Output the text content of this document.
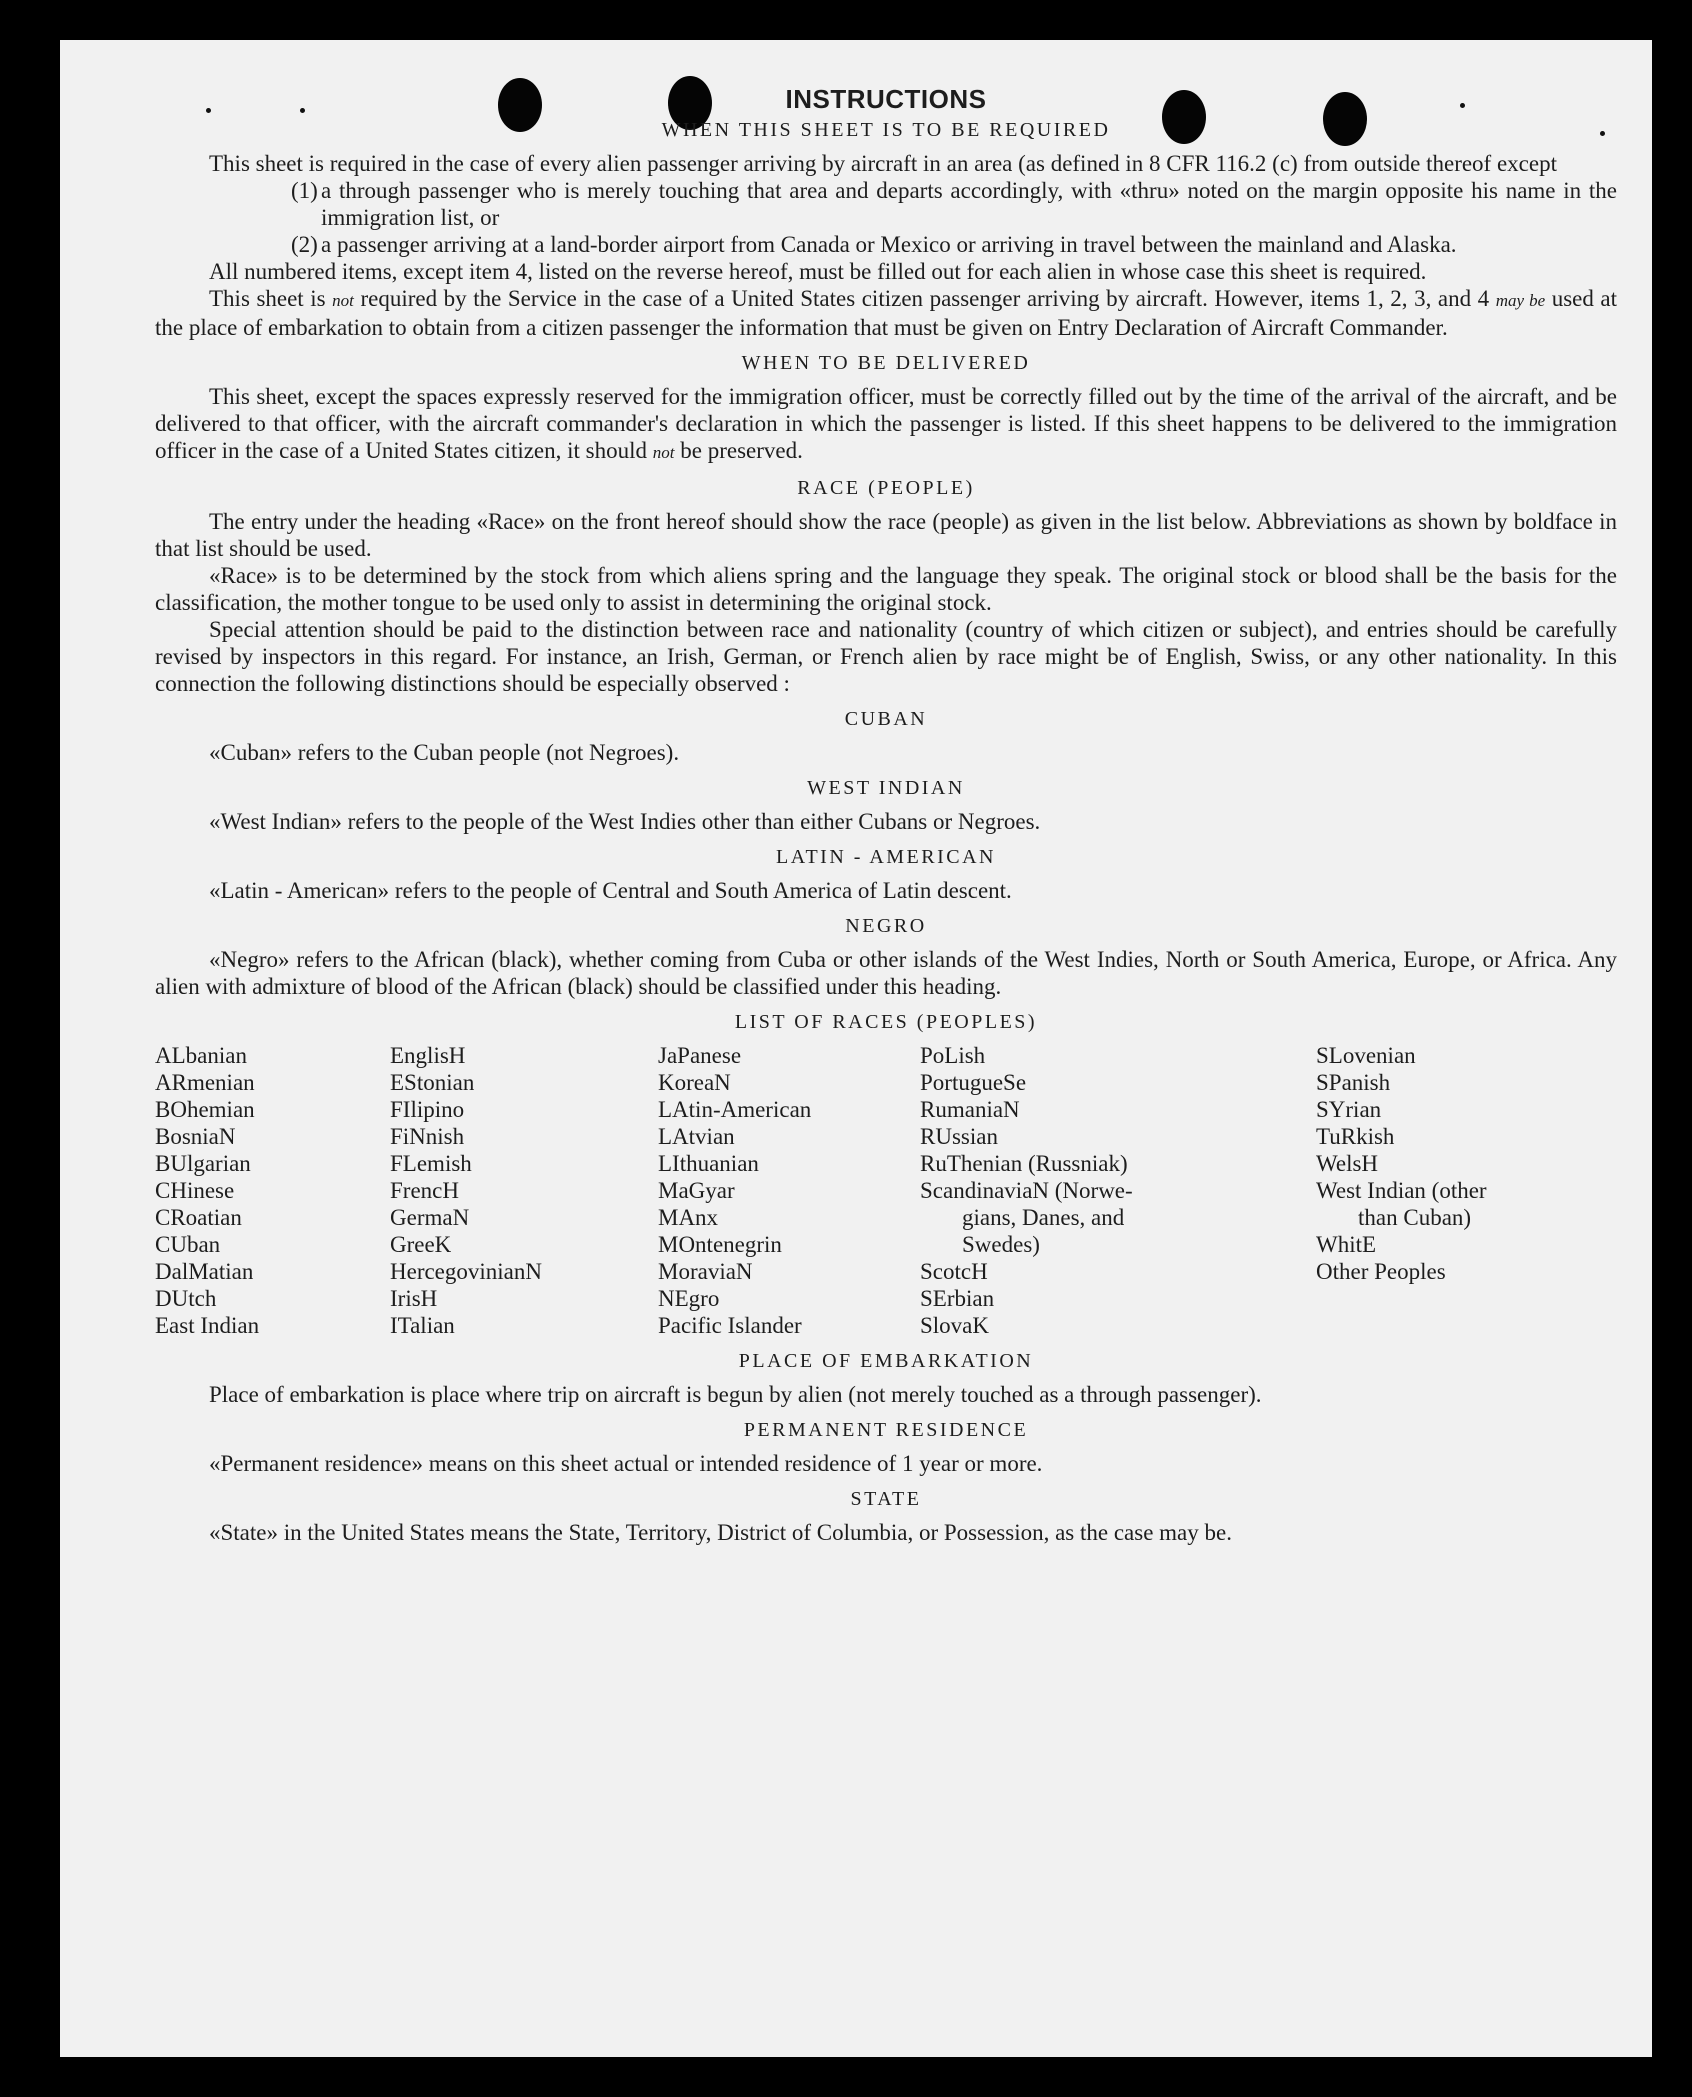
INSTRUCTIONS
WHEN THIS SHEET IS TO BE REQUIRED

This sheet is required in the case of every alien passenger arriving by aircraft in an area (as defined in 8 CFR 116.2 (c) from outside thereof except

(1) a through passenger who is merely touching that area and departs accordingly, with «thru» noted on the margin opposite his name in the immigration list, or

(2) a passenger arriving at a land-border airport from Canada or Mexico or arriving in travel between the mainland and Alaska.

All numbered items, except item 4, listed on the reverse hereof, must be filled out for each alien in whose case this sheet is required.

This sheet is not required by the Service in the case of a United States citizen passenger arriving by aircraft. However, items 1, 2, 3, and 4 may be used at the place of embarkation to obtain from a citizen passenger the information that must be given on Entry Declaration of Aircraft Commander.

WHEN TO BE DELIVERED

This sheet, except the spaces expressly reserved for the immigration officer, must be correctly filled out by the time of the arrival of the aircraft, and be delivered to that officer, with the aircraft commander's declaration in which the passenger is listed. If this sheet happens to be delivered to the immigration officer in the case of a United States citizen, it should not be preserved.

RACE (PEOPLE)

The entry under the heading «Race» on the front hereof should show the race (people) as given in the list below. Abbreviations as shown by boldface in that list should be used.

«Race» is to be determined by the stock from which aliens spring and the language they speak. The original stock or blood shall be the basis for the classification, the mother tongue to be used only to assist in determining the original stock.

Special attention should be paid to the distinction between race and nationality (country of which citizen or subject), and entries should be carefully revised by inspectors in this regard. For instance, an Irish, German, or French alien by race might be of English, Swiss, or any other nationality. In this connection the following distinctions should be especially observed :

CUBAN

«Cuban» refers to the Cuban people (not Negroes).

WEST INDIAN

«West Indian» refers to the people of the West Indies other than either Cubans or Negroes.

LATIN - AMERICAN

«Latin - American» refers to the people of Central and South America of Latin descent.

NEGRO

«Negro» refers to the African (black), whether coming from Cuba or other islands of the West Indies, North or South America, Europe, or Africa. Any alien with admixture of blood of the African (black) should be classified under this heading.

LIST OF RACES (PEOPLES)
ALbanian
ARmenian
BOhemian
BosniaN
BUlgarian
CHinese
CRoatian
CUban
DalMatian
DUtch
East Indian
EnglisH
EStonian
FIlipino
FiNnish
FLemish
FrencH
GermaN
GreeK
HercegovinianN
IrisH
ITalian
JaPanese
KoreaN
LAtin-American
LAtvian
LIthuanian
MaGyar
MAnx
MOntenegrin
MoraviaN
NEgro
Pacific Islander
PoLish
PortugueSe
RumaniaN
RUssian
RuThenian (Russniak)
ScandinaviaN (Norwe-
gians, Danes, and
Swedes)
ScotcH
SErbian
SlovaK
SLovenian
SPanish
SYrian
TuRkish
WelsH
West Indian (other
than Cuban)
WhitE
Other Peoples
PLACE OF EMBARKATION

Place of embarkation is place where trip on aircraft is begun by alien (not merely touched as a through passenger).

PERMANENT RESIDENCE

«Permanent residence» means on this sheet actual or intended residence of 1 year or more.

STATE

«State» in the United States means the State, Territory, District of Columbia, or Possession, as the case may be.
